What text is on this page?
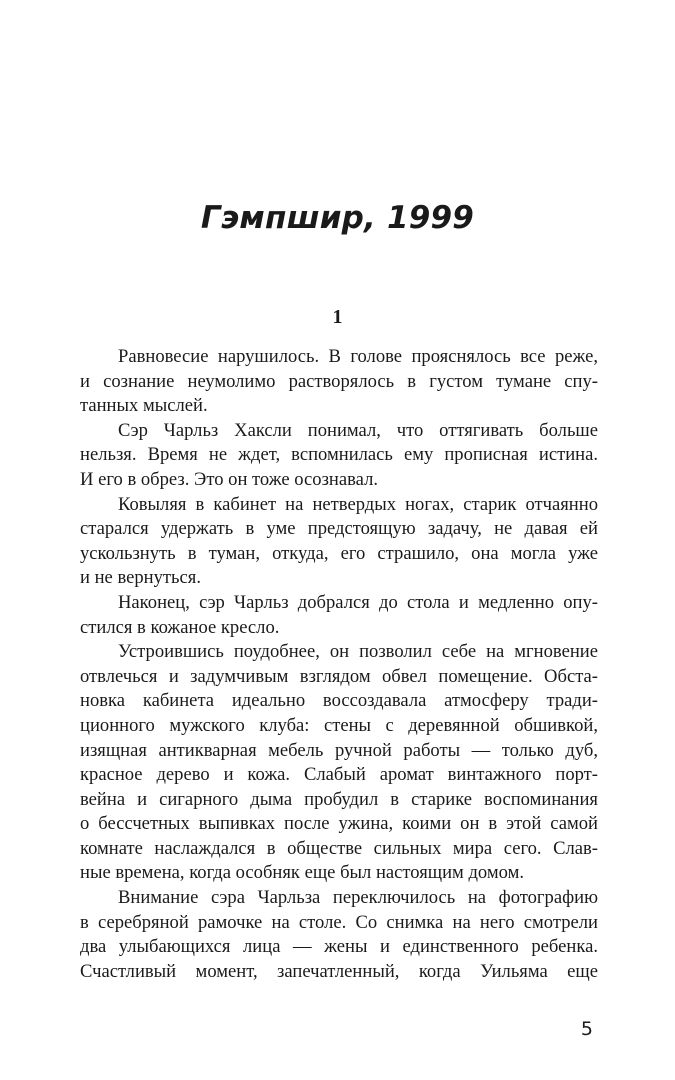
Гэмпшир, 1999
1
Равновесие нарушилось. В голове прояснялось все реже,
и сознание неумолимо растворялось в густом тумане спу-
танных мыслей.
Сэр Чарльз Хаксли понимал, что оттягивать больше
нельзя. Время не ждет, вспомнилась ему прописная истина.
И его в обрез. Это он тоже осознавал.
Ковыляя в кабинет на нетвердых ногах, старик отчаянно
старался удержать в уме предстоящую задачу, не давая ей
ускользнуть в туман, откуда, его страшило, она могла уже
и не вернуться.
Наконец, сэр Чарльз добрался до стола и медленно опу-
стился в кожаное кресло.
Устроившись поудобнее, он позволил себе на мгновение
отвлечься и задумчивым взглядом обвел помещение. Обста-
новка кабинета идеально воссоздавала атмосферу тради-
ционного мужского клуба: стены с деревянной обшивкой,
изящная антикварная мебель ручной работы — только дуб,
красное дерево и кожа. Слабый аромат винтажного порт-
вейна и сигарного дыма пробудил в старике воспоминания
о бессчетных выпивках после ужина, коими он в этой самой
комнате наслаждался в обществе сильных мира сего. Слав-
ные времена, когда особняк еще был настоящим домом.
Внимание сэра Чарльза переключилось на фотографию
в серебряной рамочке на столе. Со снимка на него смотрели
два улыбающихся лица — жены и единственного ребенка.
Счастливый момент, запечатленный, когда Уильяма еще
5
